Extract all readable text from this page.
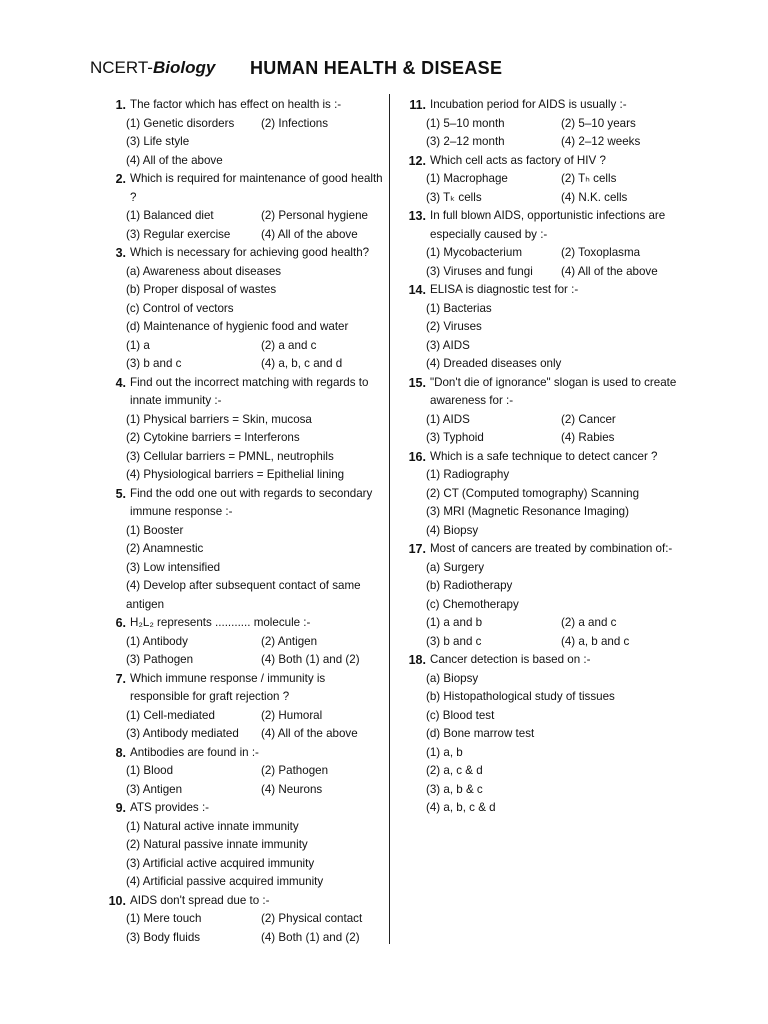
NCERT-Biology HUMAN HEALTH & DISEASE
1. The factor which has effect on health is :-
(1) Genetic disorders	(2) Infections
(3) Life style
(4) All of the above
2. Which is required for maintenance of good health ?
(1) Balanced diet	(2) Personal hygiene
(3) Regular exercise	(4) All of the above
3. Which is necessary for achieving good health?
(a) Awareness about diseases
(b) Proper disposal of wastes
(c) Control of vectors
(d) Maintenance of hygienic food and water
(1) a	(2) a and c
(3) b and c	(4) a, b, c and d
4. Find out the incorrect matching with regards to innate immunity :-
(1) Physical barriers = Skin, mucosa
(2) Cytokine barriers = Interferons
(3) Cellular barriers = PMNL, neutrophils
(4) Physiological barriers = Epithelial lining
5. Find the odd one out with regards to secondary immune response :-
(1) Booster
(2) Anamnestic
(3) Low intensified
(4) Develop after subsequent contact of same antigen
6. H₂L₂ represents ........... molecule :-
(1) Antibody	(2) Antigen
(3) Pathogen	(4) Both (1) and (2)
7. Which immune response / immunity is responsible for graft rejection ?
(1) Cell-mediated	(2) Humoral
(3) Antibody mediated	(4) All of the above
8. Antibodies are found in :-
(1) Blood	(2) Pathogen
(3) Antigen	(4) Neurons
9. ATS provides :-
(1) Natural active innate immunity
(2) Natural passive innate immunity
(3) Artificial active acquired immunity
(4) Artificial passive acquired immunity
10. AIDS don't spread due to :-
(1) Mere touch	(2) Physical contact
(3) Body fluids	(4) Both (1) and (2)
11. Incubation period for AIDS is usually :-
(1) 5–10 month	(2) 5–10 years
(3) 2–12 month	(4) 2–12 weeks
12. Which cell acts as factory of HIV ?
(1) Macrophage	(2) Tₕ cells
(3) Tₖ cells	(4) N.K. cells
13. In full blown AIDS, opportunistic infections are especially caused by :-
(1) Mycobacterium	(2) Toxoplasma
(3) Viruses and fungi	(4) All of the above
14. ELISA is diagnostic test for :-
(1) Bacterias
(2) Viruses
(3) AIDS
(4) Dreaded diseases only
15. "Don't die of ignorance" slogan is used to create awareness for :-
(1) AIDS	(2) Cancer
(3) Typhoid	(4) Rabies
16. Which is a safe technique to detect cancer ?
(1) Radiography
(2) CT (Computed tomography) Scanning
(3) MRI (Magnetic Resonance Imaging)
(4) Biopsy
17. Most of cancers are treated by combination of:-
(a) Surgery
(b) Radiotherapy
(c) Chemotherapy
(1) a and b	(2) a and c
(3) b and c	(4) a, b and c
18. Cancer detection is based on :-
(a) Biopsy
(b) Histopathological study of tissues
(c) Blood test
(d) Bone marrow test
(1) a, b
(2) a, c & d
(3) a, b & c
(4) a, b, c & d
